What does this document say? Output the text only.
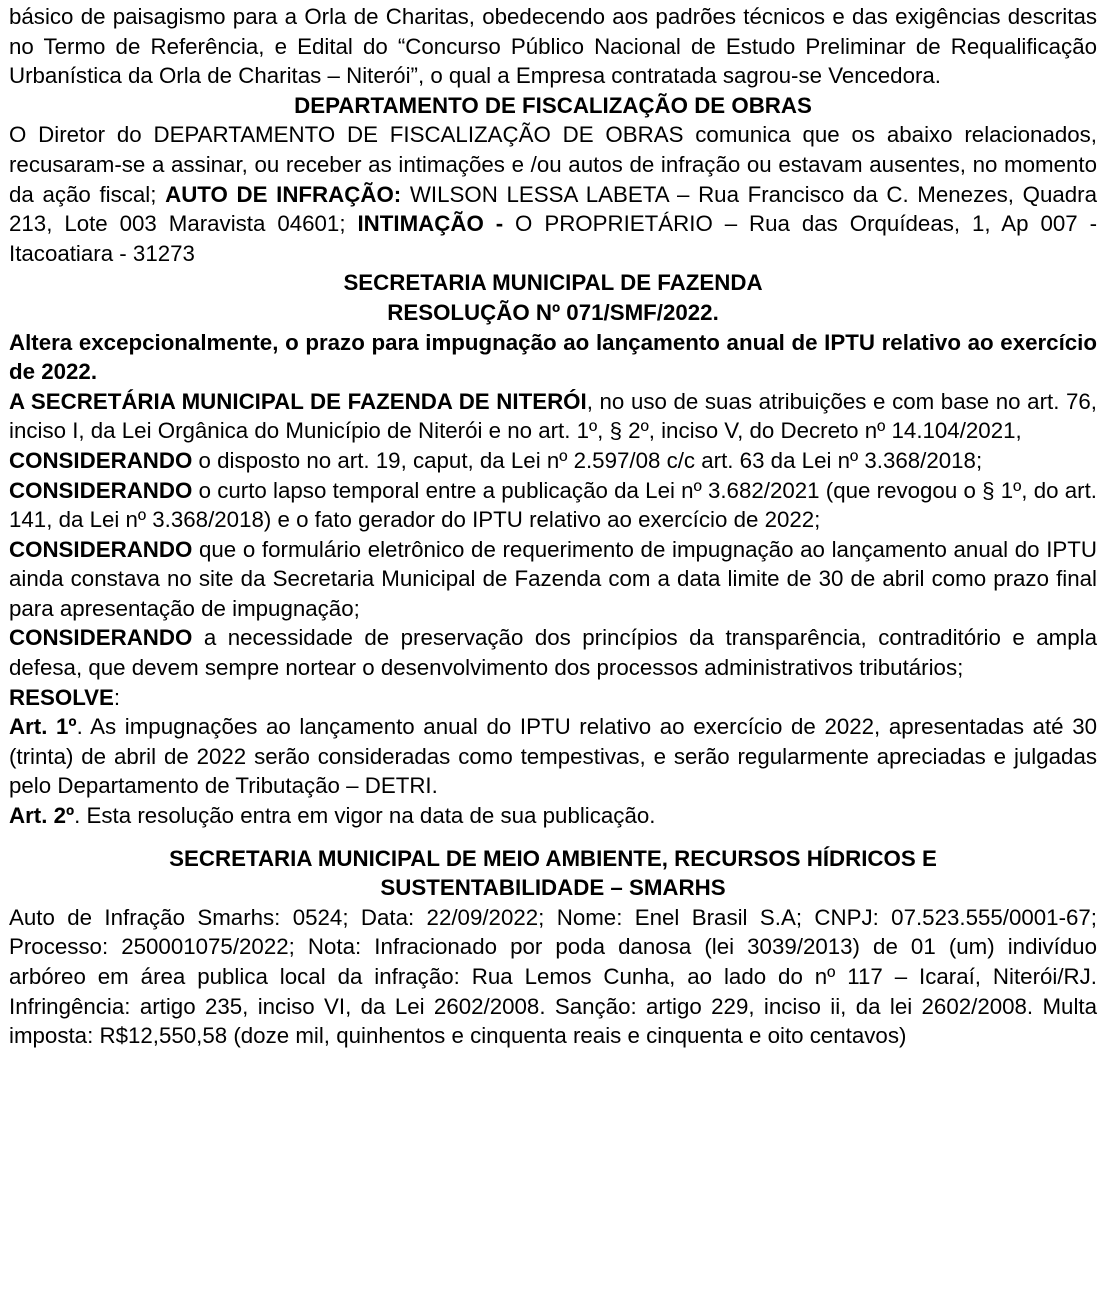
básico de paisagismo para a Orla de Charitas, obedecendo aos padrões técnicos e das exigências descritas no Termo de Referência, e Edital do “Concurso Público Nacional de Estudo Preliminar de Requalificação Urbanística da Orla de Charitas – Niterói”, o qual a Empresa contratada sagrou-se Vencedora.

DEPARTAMENTO DE FISCALIZAÇÃO DE OBRAS

O Diretor do DEPARTAMENTO DE FISCALIZAÇÃO DE OBRAS comunica que os abaixo relacionados, recusaram-se a assinar, ou receber as intimações e /ou autos de infração ou estavam ausentes, no momento da ação fiscal; AUTO DE INFRAÇÃO: WILSON LESSA LABETA – Rua Francisco da C. Menezes, Quadra 213, Lote 003 Maravista 04601; INTIMAÇÃO - O PROPRIETÁRIO – Rua das Orquídeas, 1, Ap 007 - Itacoatiara - 31273

SECRETARIA MUNICIPAL DE FAZENDA

RESOLUÇÃO Nº 071/SMF/2022.

Altera excepcionalmente, o prazo para impugnação ao lançamento anual de IPTU relativo ao exercício de 2022.

A SECRETÁRIA MUNICIPAL DE FAZENDA DE NITERÓI, no uso de suas atribuições e com base no art. 76, inciso I, da Lei Orgânica do Município de Niterói e no art. 1º, § 2º, inciso V, do Decreto nº 14.104/2021,

CONSIDERANDO o disposto no art. 19, caput, da Lei nº 2.597/08 c/c art. 63 da Lei nº 3.368/2018;

CONSIDERANDO o curto lapso temporal entre a publicação da Lei nº 3.682/2021 (que revogou o § 1º, do art. 141, da Lei nº 3.368/2018) e o fato gerador do IPTU relativo ao exercício de 2022;

CONSIDERANDO que o formulário eletrônico de requerimento de impugnação ao lançamento anual do IPTU ainda constava no site da Secretaria Municipal de Fazenda com a data limite de 30 de abril como prazo final para apresentação de impugnação;

CONSIDERANDO a necessidade de preservação dos princípios da transparência, contraditório e ampla defesa, que devem sempre nortear o desenvolvimento dos processos administrativos tributários;

RESOLVE:

Art. 1º. As impugnações ao lançamento anual do IPTU relativo ao exercício de 2022, apresentadas até 30 (trinta) de abril de 2022 serão consideradas como tempestivas, e serão regularmente apreciadas e julgadas pelo Departamento de Tributação – DETRI.

Art. 2º. Esta resolução entra em vigor na data de sua publicação.

SECRETARIA MUNICIPAL DE MEIO AMBIENTE, RECURSOS HÍDRICOS E

SUSTENTABILIDADE – SMARHS

Auto de Infração Smarhs: 0524; Data: 22/09/2022; Nome: Enel Brasil S.A; CNPJ: 07.523.555/0001-67; Processo: 250001075/2022; Nota: Infracionado por poda danosa (lei 3039/2013) de 01 (um) indivíduo arbóreo em área publica local da infração: Rua Lemos Cunha, ao lado do nº 117 – Icaraí, Niterói/RJ. Infringência: artigo 235, inciso VI, da Lei 2602/2008. Sanção: artigo 229, inciso ii, da lei 2602/2008. Multa imposta: R$12,550,58 (doze mil, quinhentos e cinquenta reais e cinquenta e oito centavos)
